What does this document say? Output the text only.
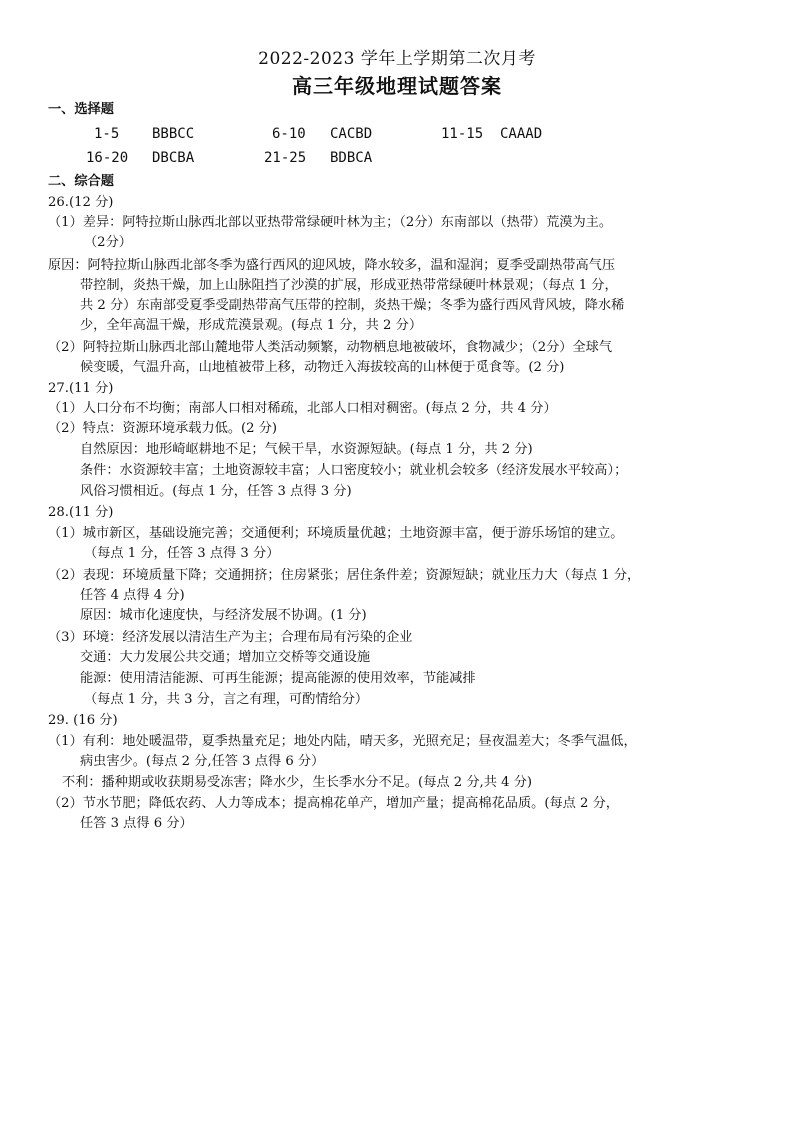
2022-2023 学年上学期第二次月考
高三年级地理试题答案
一、选择题
1-5 BBBCC	6-10 CACBD	11-15 CAAAD
16-20 DBCBA	21-25 BDBCA
二、综合题
26.(12 分)
（1）差异：阿特拉斯山脉西北部以亚热带常绿硬叶林为主；（2分）东南部以（热带）荒漠为主。
（2分）
原因：阿特拉斯山脉西北部冬季为盛行西风的迎风坡，降水较多，温和湿润；夏季受副热带高气压
带控制，炎热干燥，加上山脉阻挡了沙漠的扩展，形成亚热带常绿硬叶林景观；（每点 1 分，
共 2 分）东南部受夏季受副热带高气压带的控制，炎热干燥；冬季为盛行西风背风坡，降水稀
少，全年高温干燥，形成荒漠景观。(每点 1 分，共 2 分）
（2）阿特拉斯山脉西北部山麓地带人类活动频繁，动物栖息地被破坏，食物减少；（2分）全球气
候变暖，气温升高，山地植被带上移，动物迁入海拔较高的山林便于觅食等。(2 分)
27.(11 分)
（1）人口分布不均衡；南部人口相对稀疏，北部人口相对稠密。(每点 2 分，共 4 分）
（2）特点：资源环境承载力低。(2 分)
自然原因：地形崎岖耕地不足；气候干旱，水资源短缺。(每点 1 分，共 2 分)
条件：水资源较丰富；土地资源较丰富；人口密度较小；就业机会较多（经济发展水平较高）；
风俗习惯相近。(每点 1 分，任答 3 点得 3 分)
28.(11 分)
（1）城市新区，基础设施完善；交通便利；环境质量优越；土地资源丰富，便于游乐场馆的建立。
（每点 1 分，任答 3 点得 3 分）
（2）表现：环境质量下降；交通拥挤；住房紧张；居住条件差；资源短缺；就业压力大（每点 1 分，
任答 4 点得 4 分)
原因：城市化速度快，与经济发展不协调。(1 分)
（3）环境：经济发展以清洁生产为主；合理布局有污染的企业
交通：大力发展公共交通；增加立交桥等交通设施
能源：使用清洁能源、可再生能源；提高能源的使用效率，节能减排
（每点 1 分，共 3 分，言之有理，可酌情给分）
29. (16 分)
（1）有利：地处暖温带，夏季热量充足；地处内陆，晴天多，光照充足；昼夜温差大；冬季气温低，
病虫害少。(每点 2 分,任答 3 点得 6 分）
不利：播种期或收获期易受冻害；降水少，生长季水分不足。(每点 2 分,共 4 分)
（2）节水节肥；降低农药、人力等成本；提高棉花单产，增加产量；提高棉花品质。(每点 2 分，
任答 3 点得 6 分）
